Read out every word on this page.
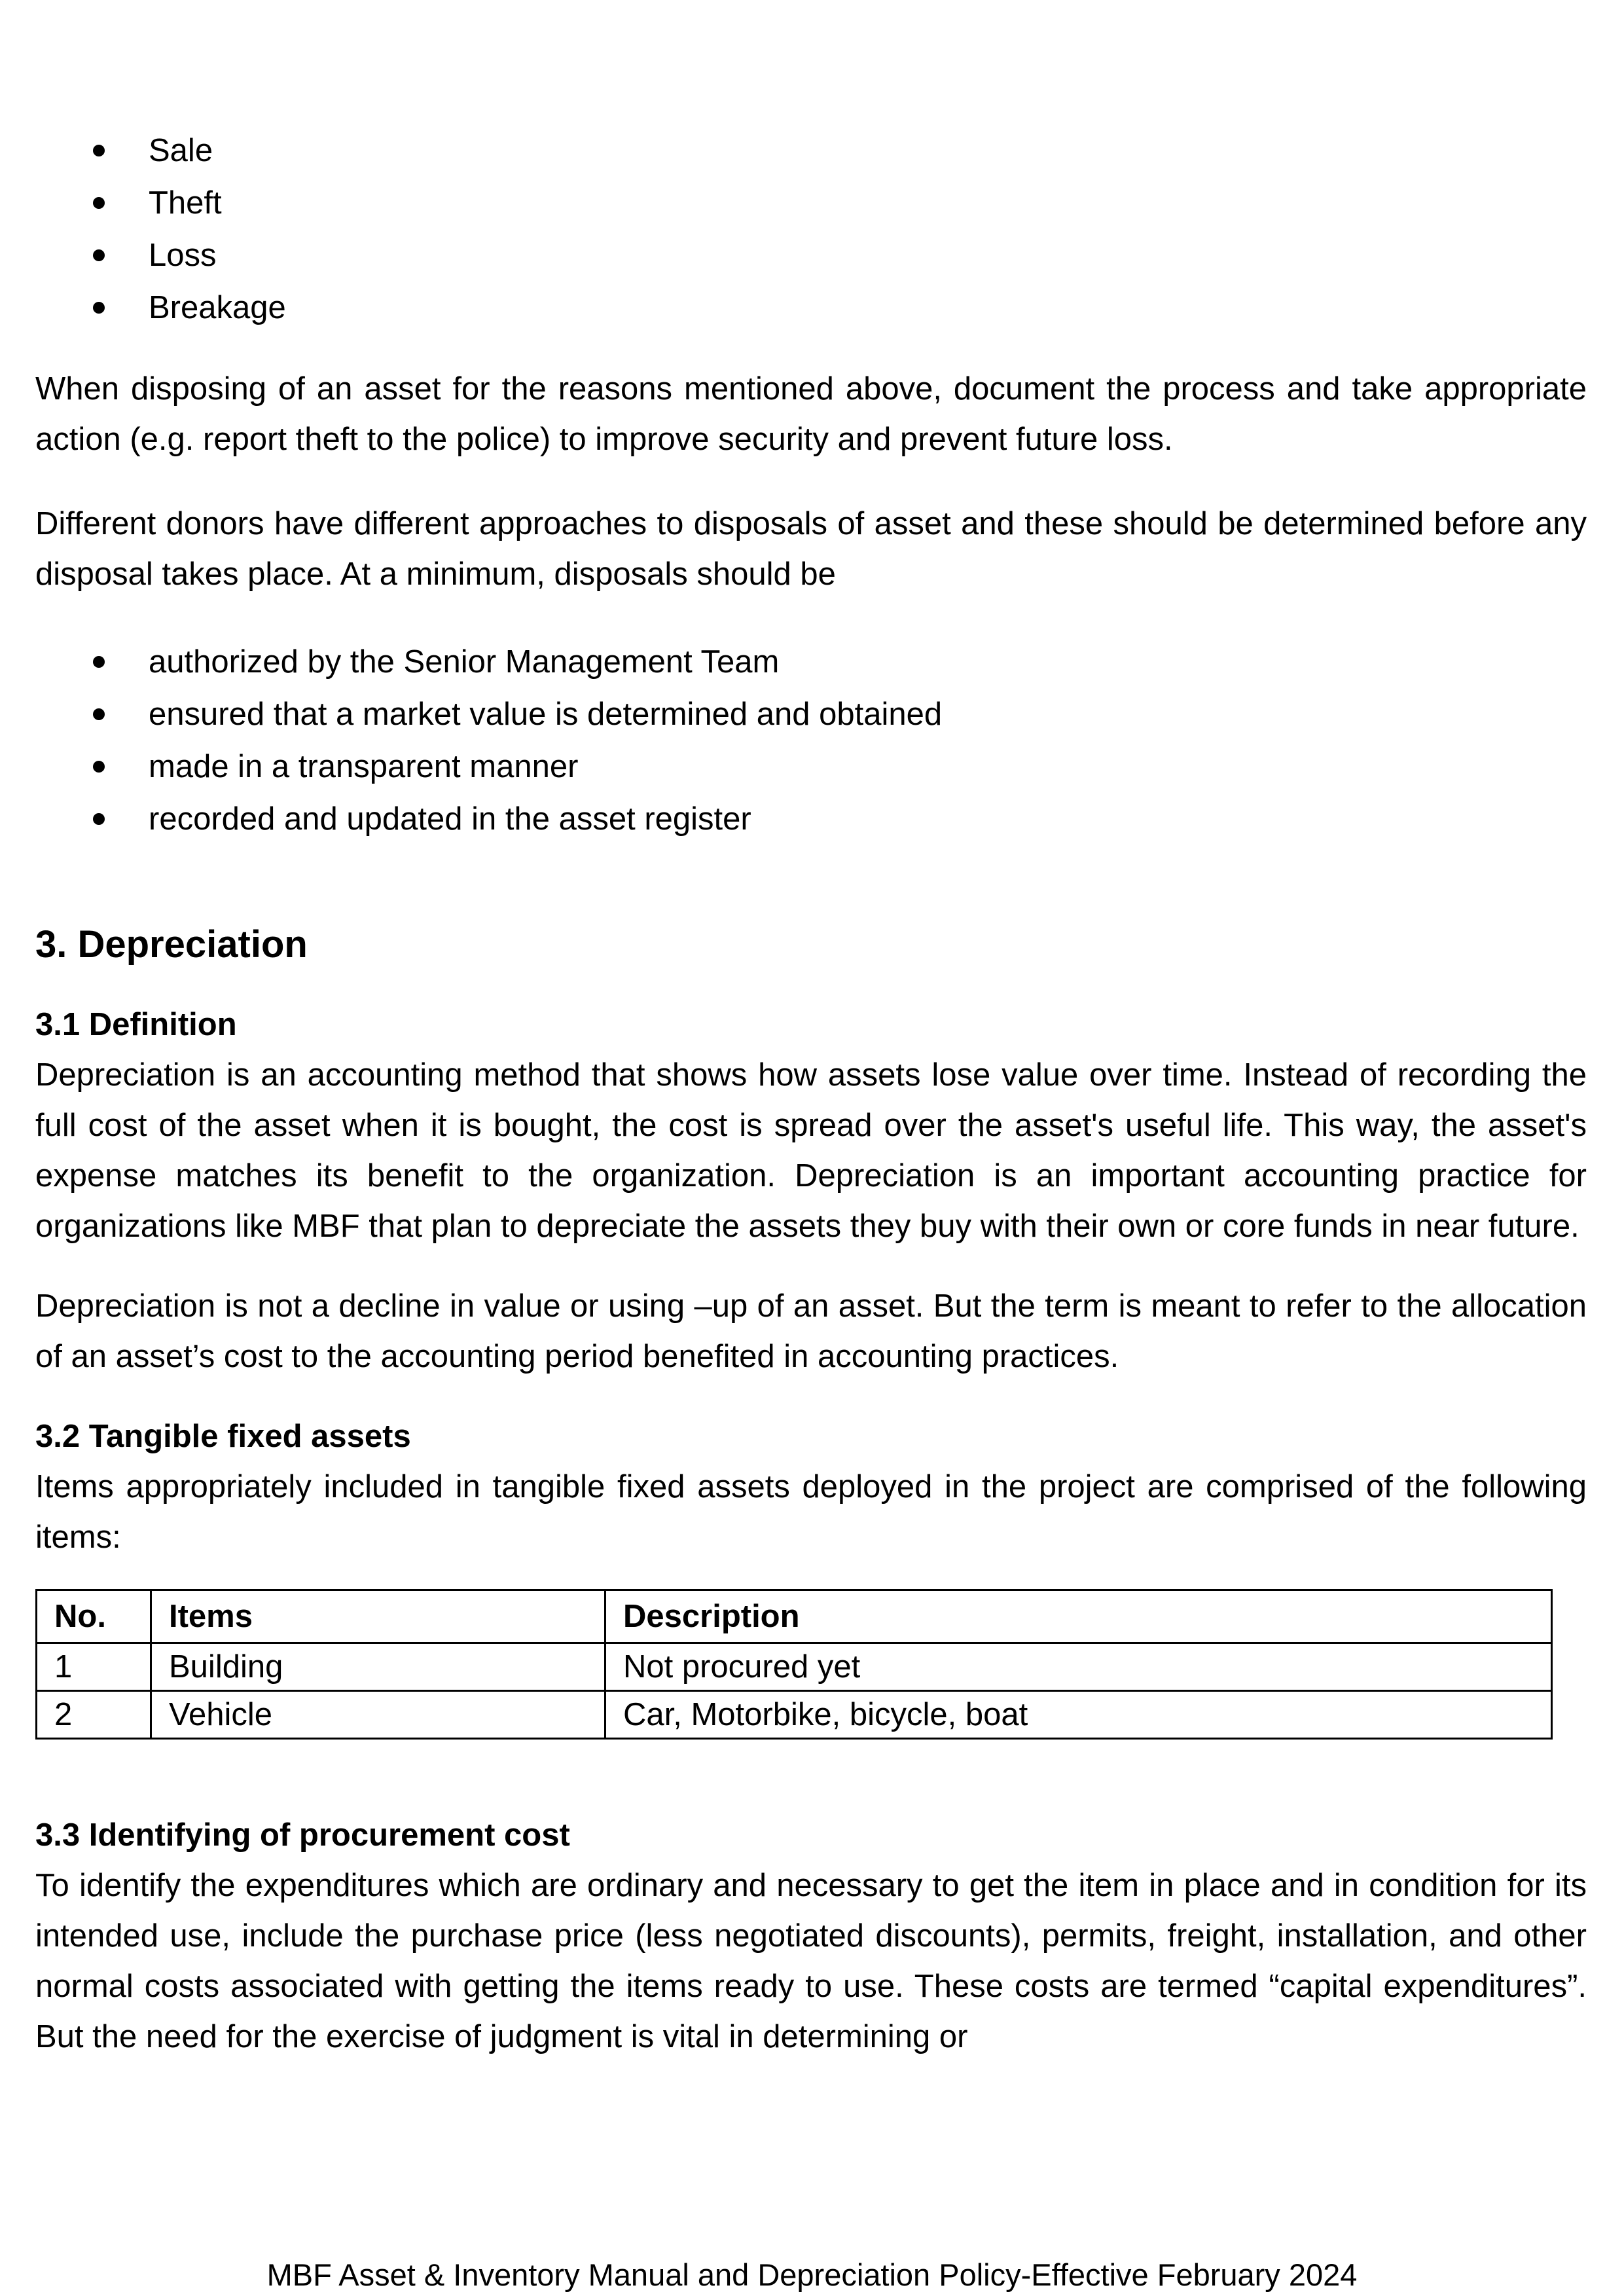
Sale
Theft
Loss
Breakage

When disposing of an asset for the reasons mentioned above, document the process and take appropriate action (e.g. report theft to the police) to improve security and prevent future loss.

Different donors have different approaches to disposals of asset and these should be determined before any disposal takes place. At a minimum, disposals should be

authorized by the Senior Management Team
ensured that a market value is determined and obtained
made in a transparent manner
recorded and updated in the asset register
3. Depreciation
3.1 Definition

Depreciation is an accounting method that shows how assets lose value over time. Instead of recording the full cost of the asset when it is bought, the cost is spread over the asset's useful life. This way, the asset's expense matches its benefit to the organization. Depreciation is an important accounting practice for organizations like MBF that plan to depreciate the assets they buy with their own or core funds in near future.

Depreciation is not a decline in value or using –up of an asset. But the term is meant to refer to the allocation of an asset’s cost to the accounting period benefited in accounting practices.

3.2 Tangible fixed assets

Items appropriately included in tangible fixed assets deployed in the project are comprised of the following items:

No.	Items	Description
1	Building	Not procured yet
2	Vehicle	Car, Motorbike, bicycle, boat
3.3 Identifying of procurement cost

To identify the expenditures which are ordinary and necessary to get the item in place and in condition for its intended use, include the purchase price (less negotiated discounts), permits, freight, installation, and other normal costs associated with getting the items ready to use. These costs are termed “capital expenditures”. But the need for the exercise of judgment is vital in determining or

MBF Asset & Inventory Manual and Depreciation Policy-Effective February 2024
